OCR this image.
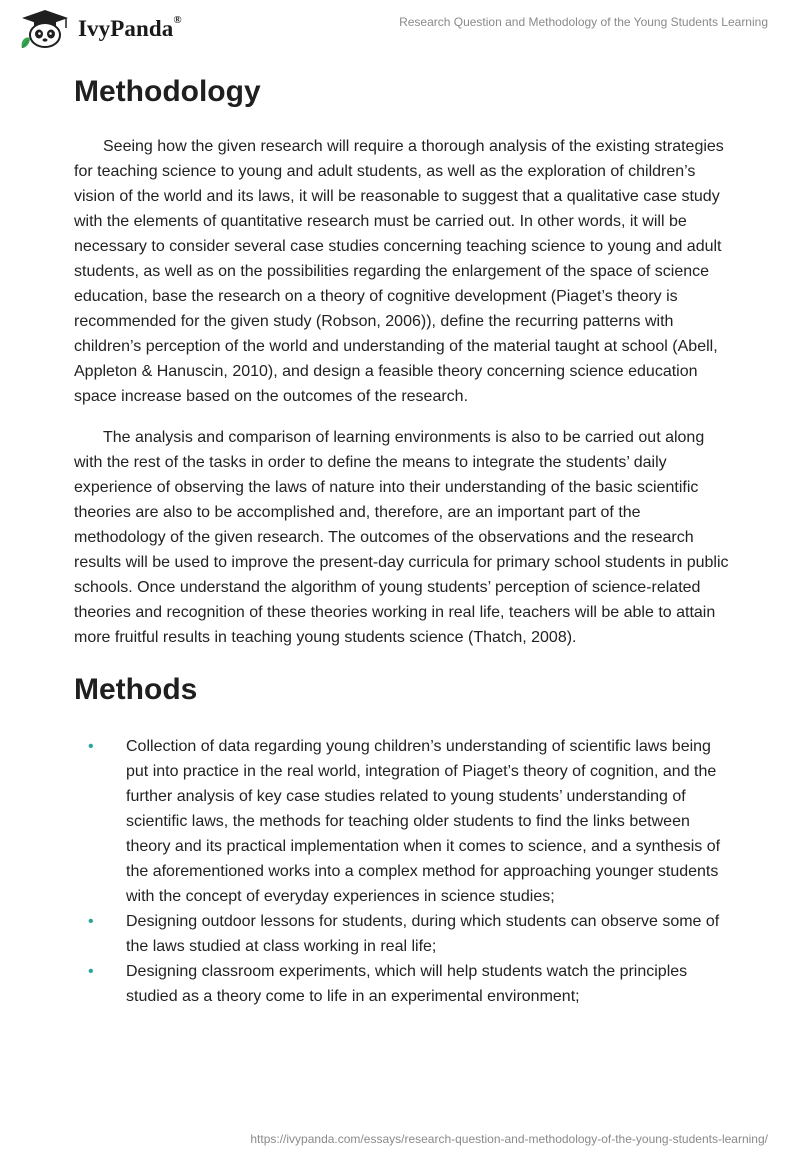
IvyPanda®	Research Question and Methodology of the Young Students Learning
Methodology

Seeing how the given research will require a thorough analysis of the existing strategies for teaching science to young and adult students, as well as the exploration of children’s vision of the world and its laws, it will be reasonable to suggest that a qualitative case study with the elements of quantitative research must be carried out. In other words, it will be necessary to consider several case studies concerning teaching science to young and adult students, as well as on the possibilities regarding the enlargement of the space of science education, base the research on a theory of cognitive development (Piaget’s theory is recommended for the given study (Robson, 2006)), define the recurring patterns with children’s perception of the world and understanding of the material taught at school (Abell, Appleton & Hanuscin, 2010), and design a feasible theory concerning science education space increase based on the outcomes of the research.

The analysis and comparison of learning environments is also to be carried out along with the rest of the tasks in order to define the means to integrate the students’ daily experience of observing the laws of nature into their understanding of the basic scientific theories are also to be accomplished and, therefore, are an important part of the methodology of the given research. The outcomes of the observations and the research results will be used to improve the present-day curricula for primary school students in public schools. Once understand the algorithm of young students’ perception of science-related theories and recognition of these theories working in real life, teachers will be able to attain more fruitful results in teaching young students science (Thatch, 2008).

Methods
• Collection of data regarding young children’s understanding of scientific laws being put into practice in the real world, integration of Piaget’s theory of cognition, and the further analysis of key case studies related to young students’ understanding of scientific laws, the methods for teaching older students to find the links between theory and its practical implementation when it comes to science, and a synthesis of the aforementioned works into a complex method for approaching younger students with the concept of everyday experiences in science studies;
• Designing outdoor lessons for students, during which students can observe some of the laws studied at class working in real life;
• Designing classroom experiments, which will help students watch the principles studied as a theory come to life in an experimental environment;
https://ivypanda.com/essays/research-question-and-methodology-of-the-young-students-learning/
